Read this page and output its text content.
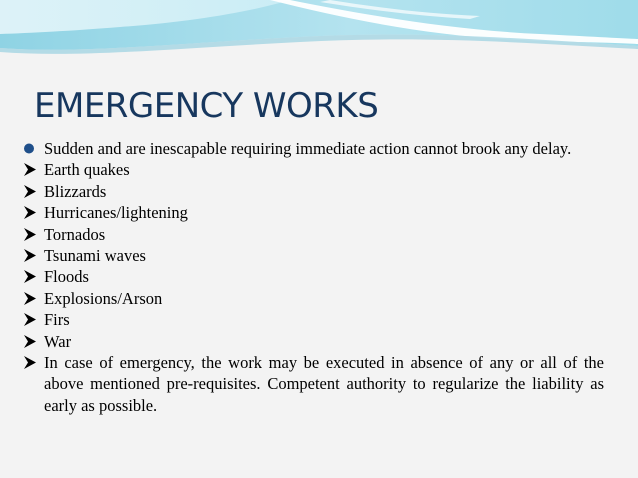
EMERGENCY WORKS
Sudden and are inescapable requiring immediate action cannot brook any delay.
Earth quakes
Blizzards
Hurricanes/lightening
Tornados
Tsunami waves
Floods
Explosions/Arson
Firs
War
In case of emergency, the work may be executed in absence of any or all of the above mentioned pre-requisites. Competent authority to regularize the liability as early as possible.
